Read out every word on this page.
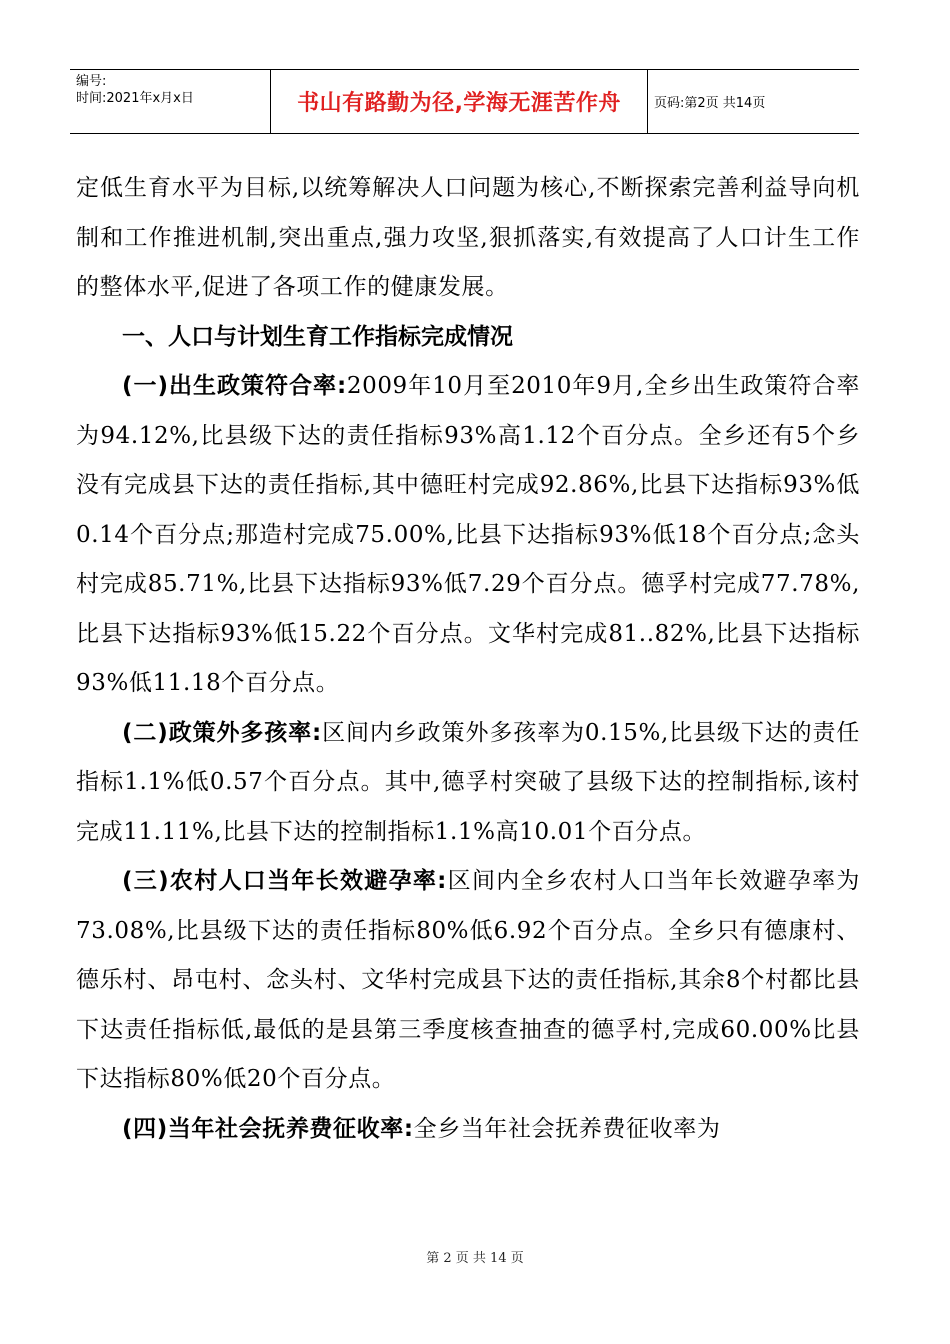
编号:
时间:2021年x月x日	书山有路勤为径,学海无涯苦作舟	页码:第2页 共14页

定低生育水平为目标,以统筹解决人口问题为核心,不断探索完善利益导向机制和工作推进机制,突出重点,强力攻坚,狠抓落实,有效提高了人口计生工作的整体水平,促进了各项工作的健康发展。

一、人口与计划生育工作指标完成情况

(一)出生政策符合率:2009年10月至2010年9月,全乡出生政策符合率为94.12%,比县级下达的责任指标93%高1.12个百分点。全乡还有5个乡没有完成县下达的责任指标,其中德旺村完成92.86%,比县下达指标93%低0.14个百分点;那造村完成75.00%,比县下达指标93%低18个百分点;念头村完成85.71%,比县下达指标93%低7.29个百分点。德孚村完成77.78%,比县下达指标93%低15.22个百分点。文华村完成81..82%,比县下达指标93%低11.18个百分点。

(二)政策外多孩率:区间内乡政策外多孩率为0.15%,比县级下达的责任指标1.1%低0.57个百分点。其中,德孚村突破了县级下达的控制指标,该村完成11.11%,比县下达的控制指标1.1%高10.01个百分点。

(三)农村人口当年长效避孕率:区间内全乡农村人口当年长效避孕率为73.08%,比县级下达的责任指标80%低6.92个百分点。全乡只有德康村、德乐村、昂屯村、念头村、文华村完成县下达的责任指标,其余8个村都比县下达责任指标低,最低的是县第三季度核查抽查的德孚村,完成60.00%比县下达指标80%低20个百分点。

(四)当年社会抚养费征收率:全乡当年社会抚养费征收率为

第 2 页 共 14 页
